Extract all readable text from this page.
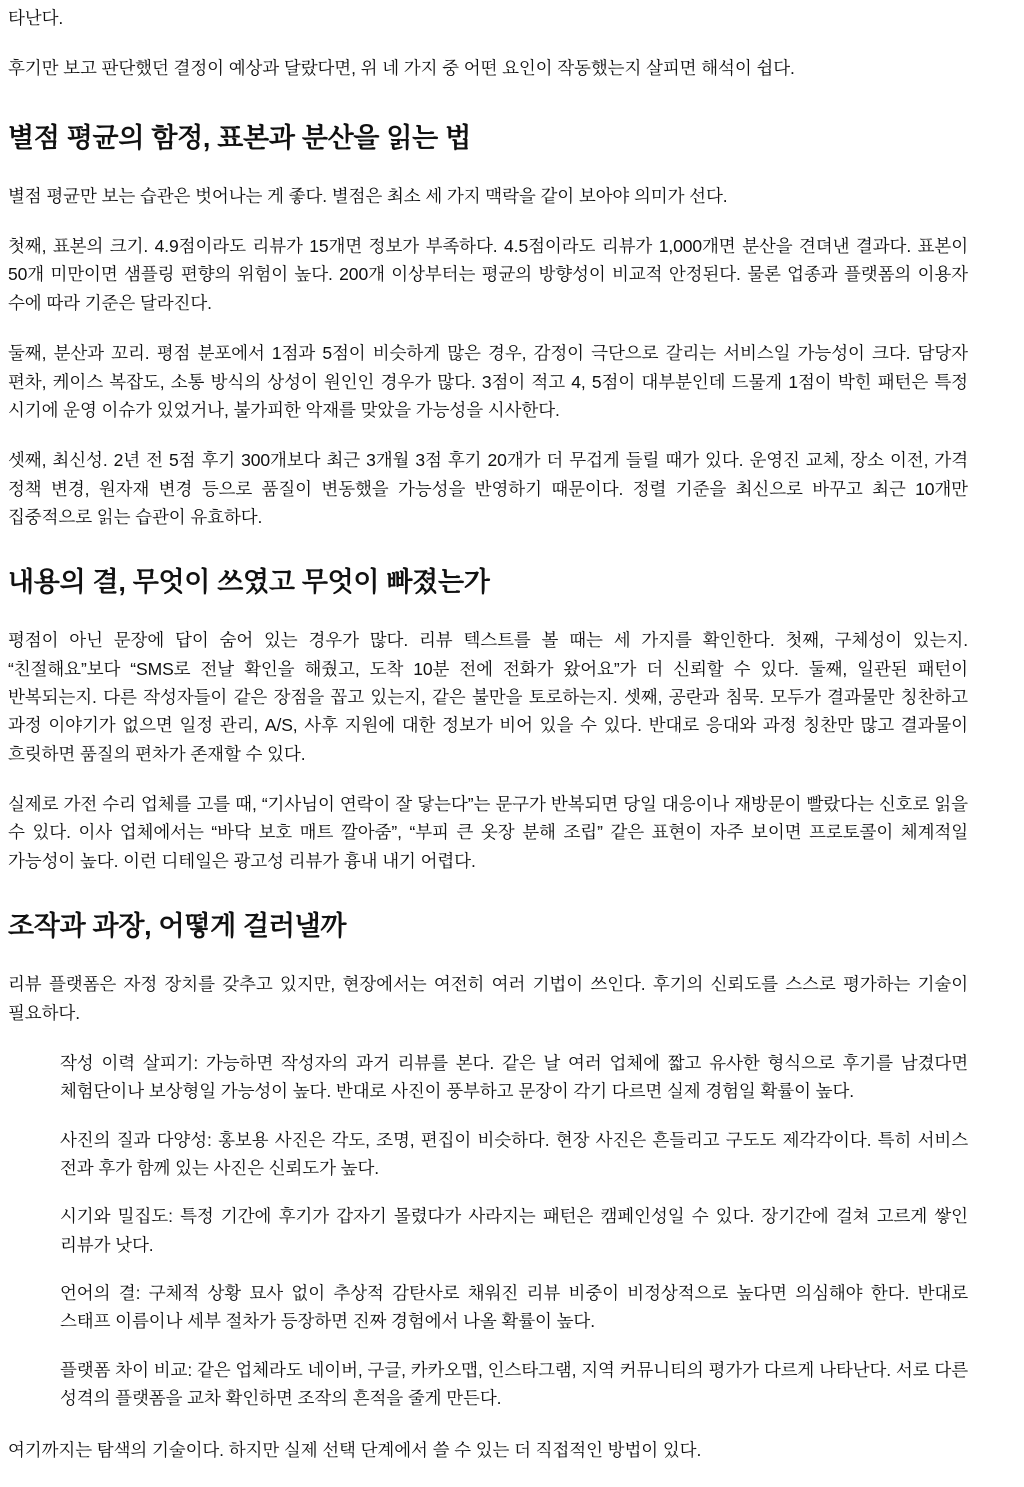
타난다.

후기만 보고 판단했던 결정이 예상과 달랐다면, 위 네 가지 중 어떤 요인이 작동했는지 살피면 해석이 쉽다.

별점 평균의 함정, 표본과 분산을 읽는 법

별점 평균만 보는 습관은 벗어나는 게 좋다. 별점은 최소 세 가지 맥락을 같이 보아야 의미가 선다.

첫째, 표본의 크기. 4.9점이라도 리뷰가 15개면 정보가 부족하다. 4.5점이라도 리뷰가 1,000개면 분산을 견뎌낸 결과다. 표본이 50개 미만이면 샘플링 편향의 위험이 높다. 200개 이상부터는 평균의 방향성이 비교적 안정된다. 물론 업종과 플랫폼의 이용자 수에 따라 기준은 달라진다.

둘째, 분산과 꼬리. 평점 분포에서 1점과 5점이 비슷하게 많은 경우, 감정이 극단으로 갈리는 서비스일 가능성이 크다. 담당자 편차, 케이스 복잡도, 소통 방식의 상성이 원인인 경우가 많다. 3점이 적고 4, 5점이 대부분인데 드물게 1점이 박힌 패턴은 특정 시기에 운영 이슈가 있었거나, 불가피한 악재를 맞았을 가능성을 시사한다.

셋째, 최신성. 2년 전 5점 후기 300개보다 최근 3개월 3점 후기 20개가 더 무겁게 들릴 때가 있다. 운영진 교체, 장소 이전, 가격 정책 변경, 원자재 변경 등으로 품질이 변동했을 가능성을 반영하기 때문이다. 정렬 기준을 최신으로 바꾸고 최근 10개만 집중적으로 읽는 습관이 유효하다.

내용의 결, 무엇이 쓰였고 무엇이 빠졌는가

평점이 아닌 문장에 답이 숨어 있는 경우가 많다. 리뷰 텍스트를 볼 때는 세 가지를 확인한다. 첫째, 구체성이 있는지. “친절해요”보다 “SMS로 전날 확인을 해줬고, 도착 10분 전에 전화가 왔어요”가 더 신뢰할 수 있다. 둘째, 일관된 패턴이 반복되는지. 다른 작성자들이 같은 장점을 꼽고 있는지, 같은 불만을 토로하는지. 셋째, 공란과 침묵. 모두가 결과물만 칭찬하고 과정 이야기가 없으면 일정 관리, A/S, 사후 지원에 대한 정보가 비어 있을 수 있다. 반대로 응대와 과정 칭찬만 많고 결과물이 흐릿하면 품질의 편차가 존재할 수 있다.

실제로 가전 수리 업체를 고를 때, “기사님이 연락이 잘 닿는다”는 문구가 반복되면 당일 대응이나 재방문이 빨랐다는 신호로 읽을 수 있다. 이사 업체에서는 “바닥 보호 매트 깔아줌”, “부피 큰 옷장 분해 조립” 같은 표현이 자주 보이면 프로토콜이 체계적일 가능성이 높다. 이런 디테일은 광고성 리뷰가 흉내 내기 어렵다.

조작과 과장, 어떻게 걸러낼까

리뷰 플랫폼은 자정 장치를 갖추고 있지만, 현장에서는 여전히 여러 기법이 쓰인다. 후기의 신뢰도를 스스로 평가하는 기술이 필요하다.

작성 이력 살피기: 가능하면 작성자의 과거 리뷰를 본다. 같은 날 여러 업체에 짧고 유사한 형식으로 후기를 남겼다면 체험단이나 보상형일 가능성이 높다. 반대로 사진이 풍부하고 문장이 각기 다르면 실제 경험일 확률이 높다.
사진의 질과 다양성: 홍보용 사진은 각도, 조명, 편집이 비슷하다. 현장 사진은 흔들리고 구도도 제각각이다. 특히 서비스 전과 후가 함께 있는 사진은 신뢰도가 높다.
시기와 밀집도: 특정 기간에 후기가 갑자기 몰렸다가 사라지는 패턴은 캠페인성일 수 있다. 장기간에 걸쳐 고르게 쌓인 리뷰가 낫다.
언어의 결: 구체적 상황 묘사 없이 추상적 감탄사로 채워진 리뷰 비중이 비정상적으로 높다면 의심해야 한다. 반대로 스태프 이름이나 세부 절차가 등장하면 진짜 경험에서 나올 확률이 높다.
플랫폼 차이 비교: 같은 업체라도 네이버, 구글, 카카오맵, 인스타그램, 지역 커뮤니티의 평가가 다르게 나타난다. 서로 다른 성격의 플랫폼을 교차 확인하면 조작의 흔적을 줄게 만든다.

여기까지는 탐색의 기술이다. 하지만 실제 선택 단계에서 쓸 수 있는 더 직접적인 방법이 있다.
